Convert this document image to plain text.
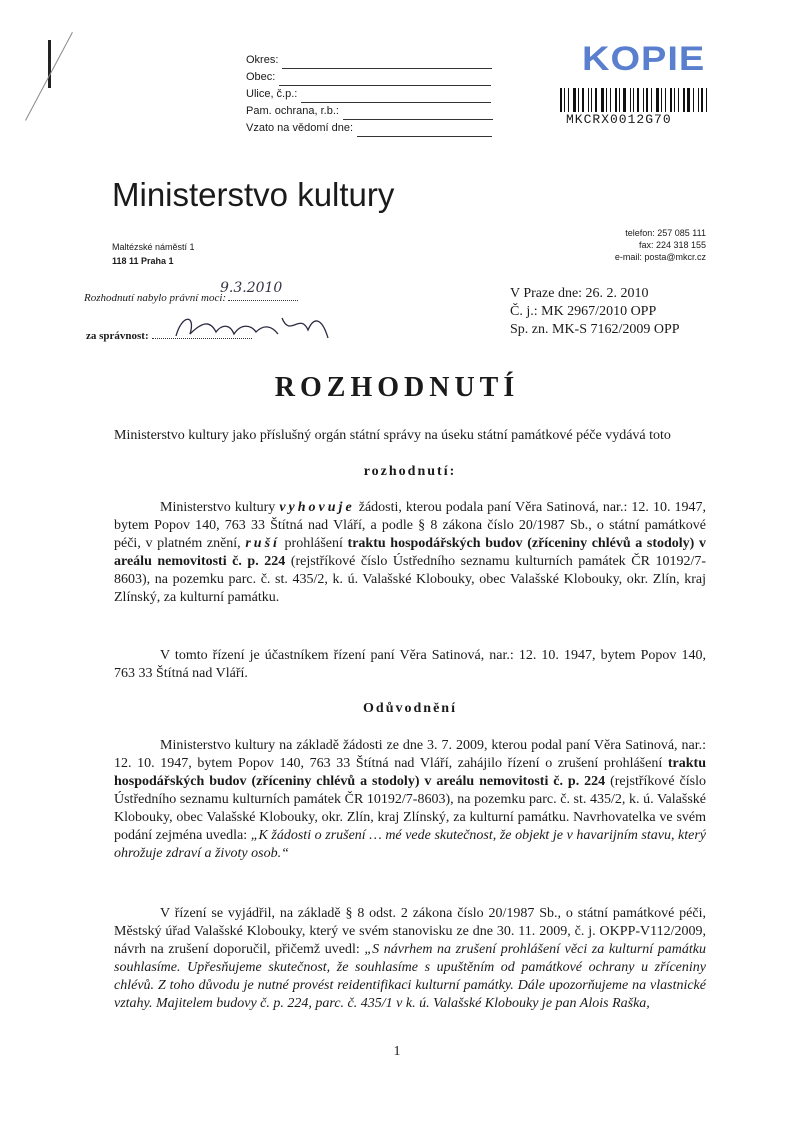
Okres:
Obec:
Ulice, č.p.:
Pam. ochrana, r.b.:
Vzato na vědomí dne:
KOPIE
MKCRX0012G70
Ministerstvo kultury
Maltézské náměstí 1
118 11 Praha 1
telefon: 257 085 111
fax: 224 318 155
e-mail: posta@mkcr.cz
Rozhodnutí nabylo právní moci:
9.3.2010
za správnost:
V Praze dne: 26. 2. 2010
Č. j.: MK 2967/2010 OPP
Sp. zn. MK-S 7162/2009 OPP
ROZHODNUTÍ
Ministerstvo kultury jako příslušný orgán státní správy na úseku státní památkové péče vydává toto
rozhodnutí:
Ministerstvo kultury vyhovuje žádosti, kterou podala paní Věra Satinová, nar.: 12. 10. 1947, bytem Popov 140, 763 33 Štítná nad Vláří, a podle § 8 zákona číslo 20/1987 Sb., o státní památkové péči, v platném znění, ruší prohlášení traktu hospodářských budov (zříceniny chlévů a stodoly) v areálu nemovitosti č. p. 224 (rejstříkové číslo Ústředního seznamu kulturních památek ČR 10192/7-8603), na pozemku parc. č. st. 435/2, k. ú. Valašské Klobouky, obec Valašské Klobouky, okr. Zlín, kraj Zlínský, za kulturní památku.
V tomto řízení je účastníkem řízení paní Věra Satinová, nar.: 12. 10. 1947, bytem Popov 140, 763 33 Štítná nad Vláří.
Odůvodnění
Ministerstvo kultury na základě žádosti ze dne 3. 7. 2009, kterou podal paní Věra Satinová, nar.: 12. 10. 1947, bytem Popov 140, 763 33 Štítná nad Vláří, zahájilo řízení o zrušení prohlášení traktu hospodářských budov (zříceniny chlévů a stodoly) v areálu nemovitosti č. p. 224 (rejstříkové číslo Ústředního seznamu kulturních památek ČR 10192/7-8603), na pozemku parc. č. st. 435/2, k. ú. Valašské Klobouky, obec Valašské Klobouky, okr. Zlín, kraj Zlínský, za kulturní památku. Navrhovatelka ve svém podání zejména uvedla: „K žádosti o zrušení … mé vede skutečnost, že objekt je v havarijním stavu, který ohrožuje zdraví a životy osob.“
V řízení se vyjádřil, na základě § 8 odst. 2 zákona číslo 20/1987 Sb., o státní památkové péči, Městský úřad Valašské Klobouky, který ve svém stanovisku ze dne 30. 11. 2009, č. j. OKPP-V112/2009, návrh na zrušení doporučil, přičemž uvedl: „S návrhem na zrušení prohlášení věci za kulturní památku souhlasíme. Upřesňujeme skutečnost, že souhlasíme s upuštěním od památkové ochrany u zříceniny chlévů. Z toho důvodu je nutné provést reidentifikaci kulturní památky. Dále upozorňujeme na vlastnické vztahy. Majitelem budovy č. p. 224, parc. č. 435/1 v k. ú. Valašské Klobouky je pan Alois Raška,
1
